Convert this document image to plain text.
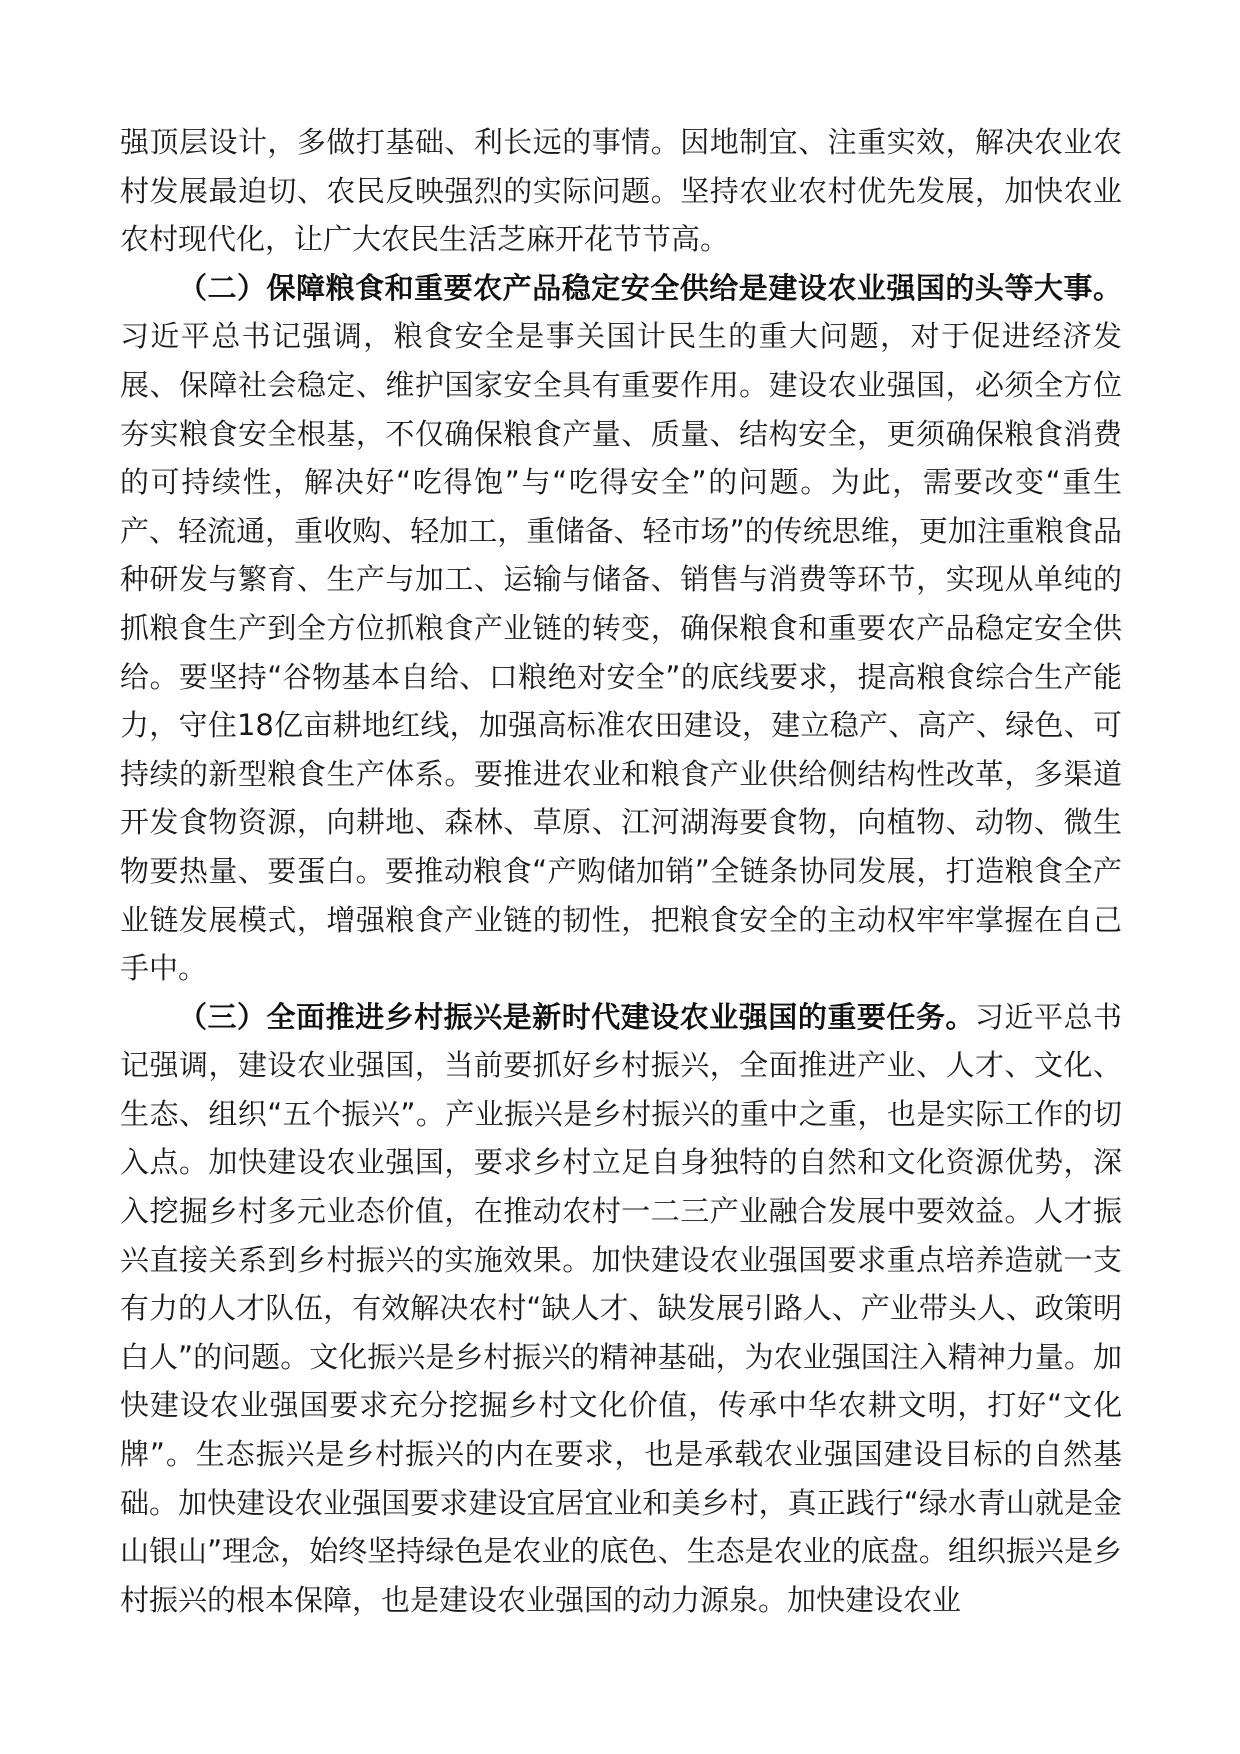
强顶层设计，多做打基础、利长远的事情。因地制宜、注重实效，解决农业农村发展最迫切、农民反映强烈的实际问题。坚持农业农村优先发展，加快农业农村现代化，让广大农民生活芝麻开花节节高。

（二）保障粮食和重要农产品稳定安全供给是建设农业强国的头等大事。习近平总书记强调，粮食安全是事关国计民生的重大问题，对于促进经济发展、保障社会稳定、维护国家安全具有重要作用。建设农业强国，必须全方位夯实粮食安全根基，不仅确保粮食产量、质量、结构安全，更须确保粮食消费的可持续性，解决好“吃得饱”与“吃得安全”的问题。为此，需要改变“重生产、轻流通，重收购、轻加工，重储备、轻市场”的传统思维，更加注重粮食品种研发与繁育、生产与加工、运输与储备、销售与消费等环节，实现从单纯的抓粮食生产到全方位抓粮食产业链的转变，确保粮食和重要农产品稳定安全供给。要坚持“谷物基本自给、口粮绝对安全”的底线要求，提高粮食综合生产能力，守住18亿亩耕地红线，加强高标准农田建设，建立稳产、高产、绿色、可持续的新型粮食生产体系。要推进农业和粮食产业供给侧结构性改革，多渠道开发食物资源，向耕地、森林、草原、江河湖海要食物，向植物、动物、微生物要热量、要蛋白。要推动粮食“产购储加销”全链条协同发展，打造粮食全产业链发展模式，增强粮食产业链的韧性，把粮食安全的主动权牢牢掌握在自己手中。

（三）全面推进乡村振兴是新时代建设农业强国的重要任务。习近平总书记强调，建设农业强国，当前要抓好乡村振兴，全面推进产业、人才、文化、生态、组织“五个振兴”。产业振兴是乡村振兴的重中之重，也是实际工作的切入点。加快建设农业强国，要求乡村立足自身独特的自然和文化资源优势，深入挖掘乡村多元业态价值，在推动农村一二三产业融合发展中要效益。人才振兴直接关系到乡村振兴的实施效果。加快建设农业强国要求重点培养造就一支有力的人才队伍，有效解决农村“缺人才、缺发展引路人、产业带头人、政策明白人”的问题。文化振兴是乡村振兴的精神基础，为农业强国注入精神力量。加快建设农业强国要求充分挖掘乡村文化价值，传承中华农耕文明，打好“文化牌”。生态振兴是乡村振兴的内在要求，也是承载农业强国建设目标的自然基础。加快建设农业强国要求建设宜居宜业和美乡村，真正践行“绿水青山就是金山银山”理念，始终坚持绿色是农业的底色、生态是农业的底盘。组织振兴是乡村振兴的根本保障，也是建设农业强国的动力源泉。加快建设农业
